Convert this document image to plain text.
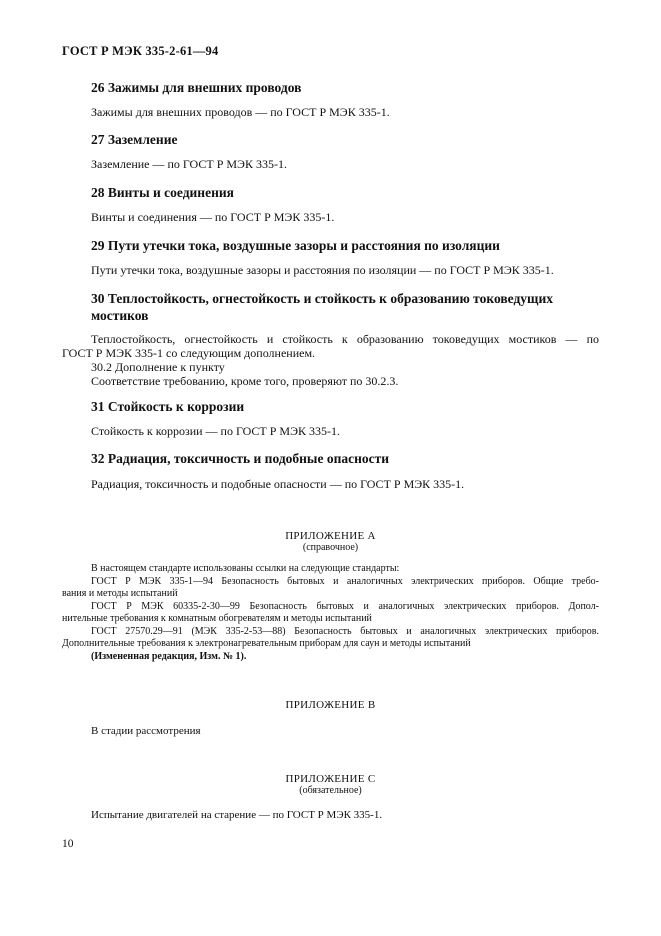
ГОСТ Р МЭК 335-2-61—94
26 Зажимы для внешних проводов

Зажимы для внешних проводов — по ГОСТ Р МЭК 335-1.

27 Заземление

Заземление — по ГОСТ Р МЭК 335-1.

28 Винты и соединения

Винты и соединения — по ГОСТ Р МЭК 335-1.

29 Пути утечки тока, воздушные зазоры и расстояния по изоляции

Пути утечки тока, воздушные зазоры и расстояния по изоляции — по ГОСТ Р МЭК 335-1.

30 Теплостойкость, огнестойкость и стойкость к образованию токоведущих мостиков
Теплостойкость, огнестойкость и стойкость к образованию токоведущих мостиков — по
ГОСТ Р МЭК 335-1 со следующим дополнением.
30.2 Дополнение к пункту
Соответствие требованию, кроме того, проверяют по 30.2.3.
31 Стойкость к коррозии

Стойкость к коррозии — по ГОСТ Р МЭК 335-1.

32 Радиация, токсичность и подобные опасности

Радиация, токсичность и подобные опасности — по ГОСТ Р МЭК 335-1.

ПРИЛОЖЕНИЕ А
(справочное)
В настоящем стандарте использованы ссылки на следующие стандарты:
ГОСТ Р МЭК 335-1—94 Безопасность бытовых и аналогичных электрических приборов. Общие требо-
вания и методы испытаний
ГОСТ Р МЭК 60335-2-30—99 Безопасность бытовых и аналогичных электрических приборов. Допол-
нительные требования к комнатным обогревателям и методы испытаний
ГОСТ 27570.29—91 (МЭК 335-2-53—88) Безопасность бытовых и аналогичных электрических приборов.
Дополнительные требования к электронагревательным приборам для саун и методы испытаний
(Измененная редакция, Изм. № 1).
ПРИЛОЖЕНИЕ В

В стадии рассмотрения

ПРИЛОЖЕНИЕ С
(обязательное)

Испытание двигателей на старение — по ГОСТ Р МЭК 335-1.

10
